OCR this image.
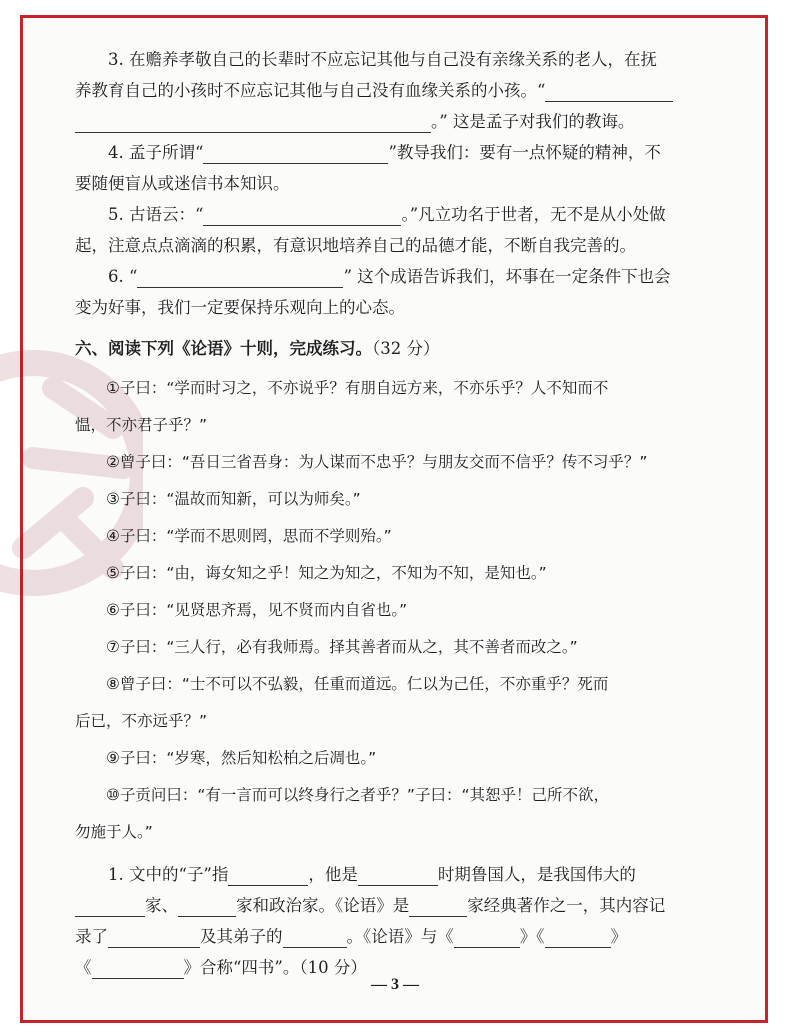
3. 在赡养孝敬自己的长辈时不应忘记其他与自己没有亲缘关系的老人，在抚

养教育自己的小孩时不应忘记其他与自己没有血缘关系的小孩。“

。” 这是孟子对我们的教诲。

4. 孟子所谓“	”教导我们：要有一点怀疑的精神，不

要随便盲从或迷信书本知识。

5. 古语云：“	。”凡立功名于世者，无不是从小处做

起，注意点点滴滴的积累，有意识地培养自己的品德才能，不断自我完善的。

6. “	” 这个成语告诉我们，坏事在一定条件下也会

变为好事，我们一定要保持乐观向上的心态。

六、阅读下列《论语》十则，完成练习。（32 分）

①子曰：“学而时习之，不亦说乎？有朋自远方来，不亦乐乎？人不知而不

愠，不亦君子乎？”

②曾子曰：“吾日三省吾身：为人谋而不忠乎？与朋友交而不信乎？传不习乎？”

③子曰：“温故而知新，可以为师矣。”

④子曰：“学而不思则罔，思而不学则殆。”

⑤子曰：“由，诲女知之乎！知之为知之，不知为不知，是知也。”

⑥子曰：“见贤思齐焉，见不贤而内自省也。”

⑦子曰：“三人行，必有我师焉。择其善者而从之，其不善者而改之。”

⑧曾子曰：“士不可以不弘毅，任重而道远。仁以为己任，不亦重乎？死而

后已，不亦远乎？”

⑨子曰：“岁寒，然后知松柏之后凋也。”

⑩子贡问曰：“有一言而可以终身行之者乎？”子曰：“其恕乎！己所不欲，

勿施于人。”

1. 文中的“子”指	，他是	时期鲁国人，是我国伟大的

家、	家和政治家。《论语》是	家经典著作之一，其内容记

录了	及其弟子的	。《论语》与《	》《	》

《	》合称“四书”。（10 分）

— 3 —
